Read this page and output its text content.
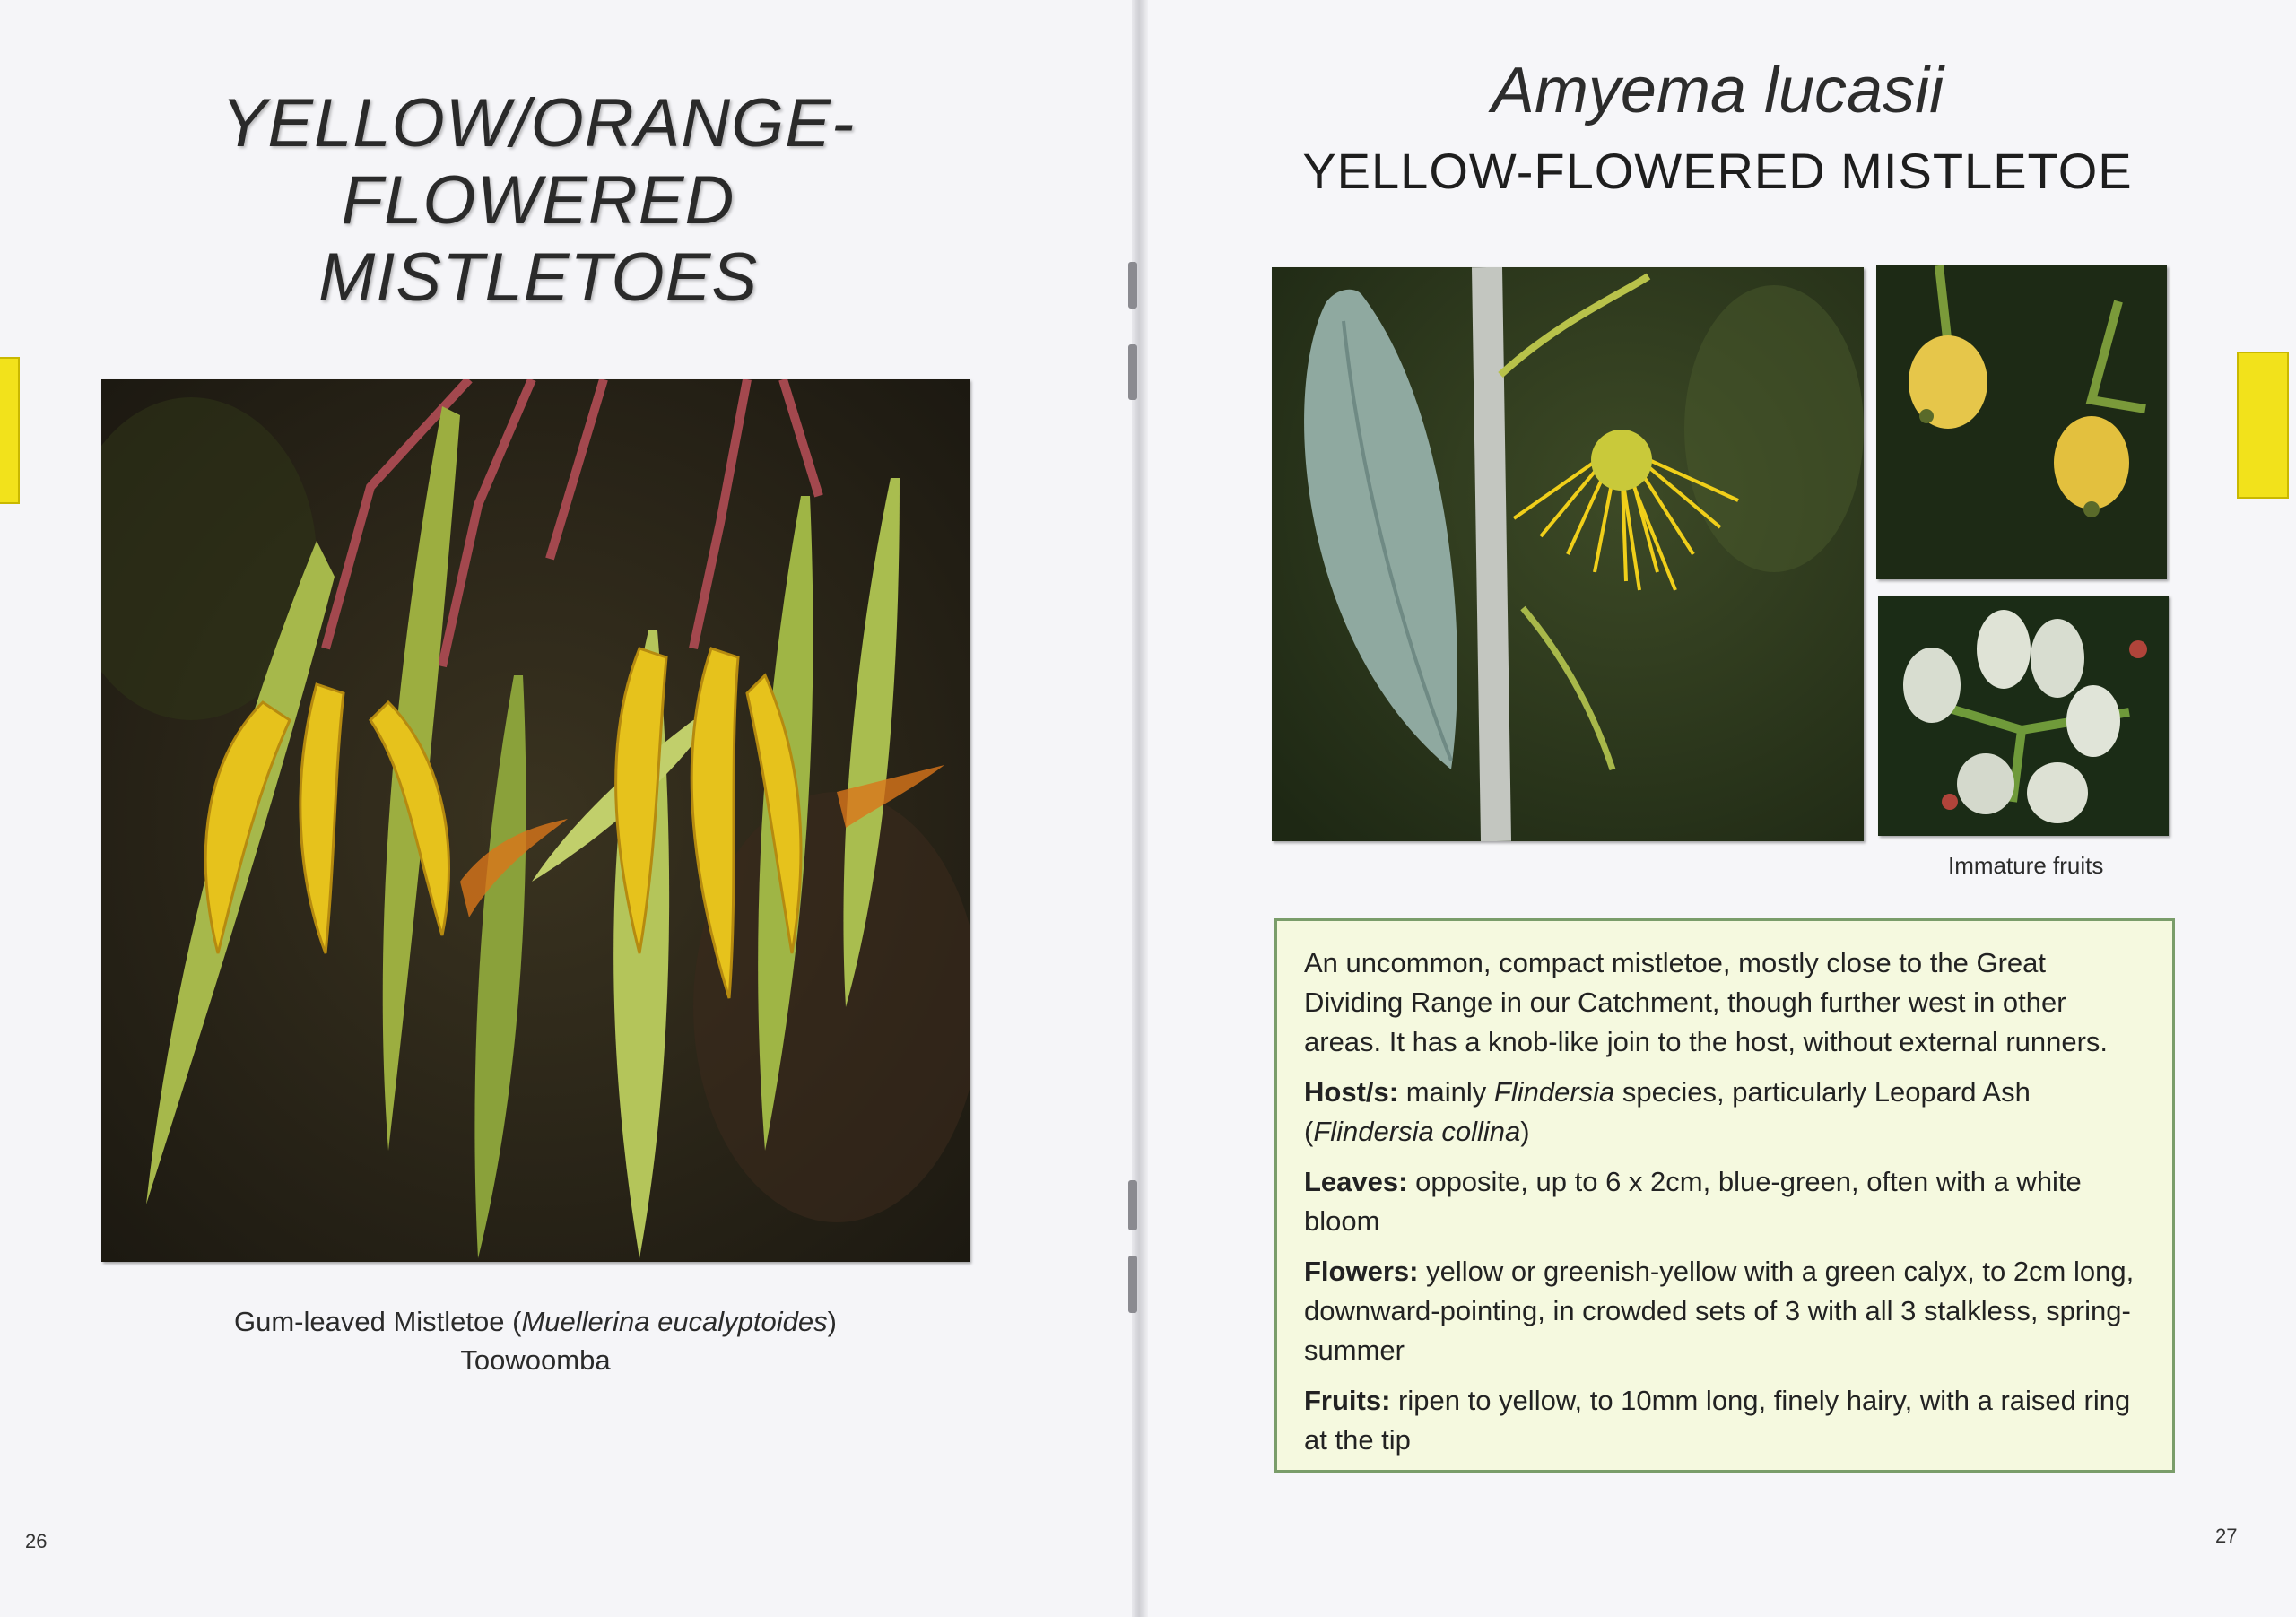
YELLOW/ORANGE-FLOWERED
MISTLETOES
Gum-leaved Mistletoe (Muellerina eucalyptoides)
Toowoomba
26
Amyema lucasii
YELLOW-FLOWERED MISTLETOE
Immature fruits

An uncommon, compact mistletoe, mostly close to the Great Dividing Range in our Catchment, though further west in other areas. It has a knob-like join to the host, without external runners.

Host/s: mainly Flindersia species, particularly Leopard Ash (Flindersia collina)

Leaves: opposite, up to 6 x 2cm, blue-green, often with a white bloom

Flowers: yellow or greenish-yellow with a green calyx, to 2cm long, downward-pointing, in crowded sets of 3 with all 3 stalkless, spring-summer

Fruits: ripen to yellow, to 10mm long, finely hairy, with a raised ring at the tip

27
